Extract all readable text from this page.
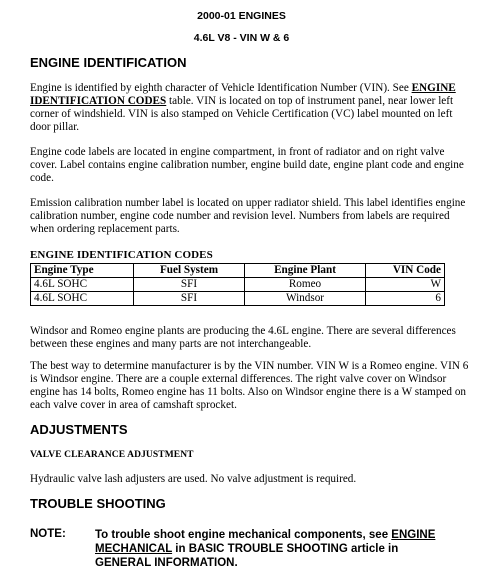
2000-01 ENGINES
4.6L V8 - VIN W & 6
ENGINE IDENTIFICATION
Engine is identified by eighth character of Vehicle Identification Number (VIN). See ENGINE IDENTIFICATION CODES table. VIN is located on top of instrument panel, near lower left corner of windshield. VIN is also stamped on Vehicle Certification (VC) label mounted on left door pillar.
Engine code labels are located in engine compartment, in front of radiator and on right valve cover. Label contains engine calibration number, engine build date, engine plant code and engine code.
Emission calibration number label is located on upper radiator shield. This label identifies engine calibration number, engine code number and revision level. Numbers from labels are required when ordering replacement parts.
ENGINE IDENTIFICATION CODES
Engine Type	Fuel System	Engine Plant	VIN Code
4.6L SOHC	SFI	Romeo	W
4.6L SOHC	SFI	Windsor	6
Windsor and Romeo engine plants are producing the 4.6L engine. There are several differences between these engines and many parts are not interchangeable.
The best way to determine manufacturer is by the VIN number. VIN W is a Romeo engine. VIN 6 is Windsor engine. There are a couple external differences. The right valve cover on Windsor engine has 14 bolts, Romeo engine has 11 bolts. Also on Windsor engine there is a W stamped on each valve cover in area of camshaft sprocket.
ADJUSTMENTS
VALVE CLEARANCE ADJUSTMENT
Hydraulic valve lash adjusters are used. No valve adjustment is required.
TROUBLE SHOOTING
NOTE:	To trouble shoot engine mechanical components, see ENGINE MECHANICAL in BASIC TROUBLE SHOOTING article in GENERAL INFORMATION.
